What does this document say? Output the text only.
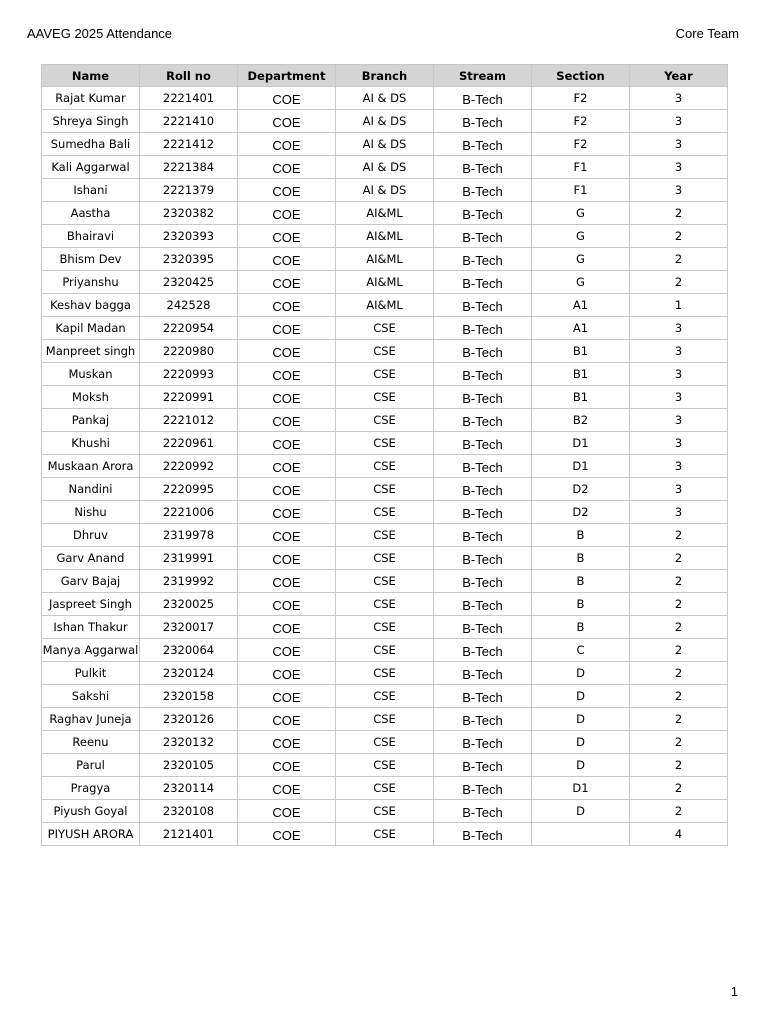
AAVEG 2025 Attendance	Core Team
Name	Roll no	Department	Branch	Stream	Section	Year
Rajat Kumar	2221401	COE	AI & DS	B-Tech	F2	3
Shreya Singh	2221410	COE	AI & DS	B-Tech	F2	3
Sumedha Bali	2221412	COE	AI & DS	B-Tech	F2	3
Kali Aggarwal	2221384	COE	AI & DS	B-Tech	F1	3
Ishani	2221379	COE	AI & DS	B-Tech	F1	3
Aastha	2320382	COE	AI&ML	B-Tech	G	2
Bhairavi	2320393	COE	AI&ML	B-Tech	G	2
Bhism Dev	2320395	COE	AI&ML	B-Tech	G	2
Priyanshu	2320425	COE	AI&ML	B-Tech	G	2
Keshav bagga	242528	COE	AI&ML	B-Tech	A1	1
Kapil Madan	2220954	COE	CSE	B-Tech	A1	3
Manpreet singh	2220980	COE	CSE	B-Tech	B1	3
Muskan	2220993	COE	CSE	B-Tech	B1	3
Moksh	2220991	COE	CSE	B-Tech	B1	3
Pankaj	2221012	COE	CSE	B-Tech	B2	3
Khushi	2220961	COE	CSE	B-Tech	D1	3
Muskaan Arora	2220992	COE	CSE	B-Tech	D1	3
Nandini	2220995	COE	CSE	B-Tech	D2	3
Nishu	2221006	COE	CSE	B-Tech	D2	3
Dhruv	2319978	COE	CSE	B-Tech	B	2
Garv Anand	2319991	COE	CSE	B-Tech	B	2
Garv Bajaj	2319992	COE	CSE	B-Tech	B	2
Jaspreet Singh	2320025	COE	CSE	B-Tech	B	2
Ishan Thakur	2320017	COE	CSE	B-Tech	B	2
Manya Aggarwal	2320064	COE	CSE	B-Tech	C	2
Pulkit	2320124	COE	CSE	B-Tech	D	2
Sakshi	2320158	COE	CSE	B-Tech	D	2
Raghav Juneja	2320126	COE	CSE	B-Tech	D	2
Reenu	2320132	COE	CSE	B-Tech	D	2
Parul	2320105	COE	CSE	B-Tech	D	2
Pragya	2320114	COE	CSE	B-Tech	D1	2
Piyush Goyal	2320108	COE	CSE	B-Tech	D	2
PIYUSH ARORA	2121401	COE	CSE	B-Tech		4
1
